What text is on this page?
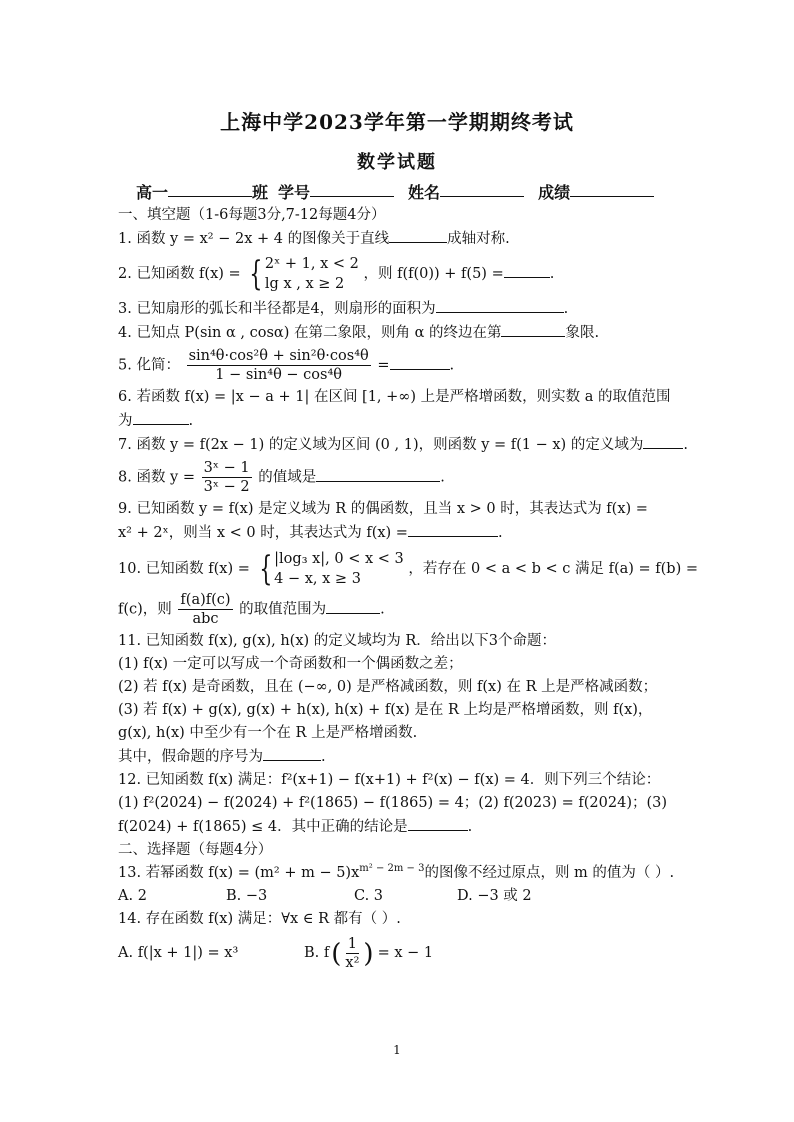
上海中学2023学年第一学期期终考试
数学试题
高一	班 学号	姓名	成绩
一、填空题（1-6每题3分,7-12每题4分）
1. 函数 y = x² − 2x + 4 的图像关于直线	成轴对称.
2. 已知函数 f(x) = { 2ˣ + 1, x < 2
lg x , x ≥ 2
，则 f(f(0)) + f(5) =	.
3. 已知扇形的弧长和半径都是4，则扇形的面积为	.
4. 已知点 P(sin α , cosα) 在第二象限，则角 α 的终边在第	象限.
5. 化简： $\frac{\text{sin⁴θ·cos²θ + sin²θ·cos⁴θ}}{\text{1 − sin⁴θ − cos⁴θ}}$ =	.
6. 若函数 f(x) = |x − a + 1| 在区间 [1, +∞) 上是严格增函数，则实数 a 的取值范围
为	.
7. 函数 y = f(2x − 1) 的定义域为区间 (0 , 1)，则函数 y = f(1 − x) 的定义域为	.
8. 函数 $y = \frac{\text{3ˣ − 1}}{\text{3ˣ − 2}}$ 的值域是	.
9. 已知函数 y = f(x) 是定义域为 R 的偶函数，且当 x > 0 时，其表达式为 f(x) =
x² + 2ˣ，则当 x < 0 时，其表达式为 f(x) =	.
10. 已知函数 f(x) = { |log₃ x|, 0 < x < 3
4 − x, x ≥ 3
，若存在 0 < a < b < c 满足 f(a) = f(b) =
f(c)，则 $\frac{f(a)f(c)}{\text{abc}}$ 的取值范围为	.
11. 已知函数 f(x), g(x), h(x) 的定义域均为 R．给出以下3个命题：
(1) f(x) 一定可以写成一个奇函数和一个偶函数之差；
(2) 若 f(x) 是奇函数，且在 (−∞, 0) 是严格减函数，则 f(x) 在 R 上是严格减函数；
(3) 若 f(x) + g(x), g(x) + h(x), h(x) + f(x) 是在 R 上均是严格增函数，则 f(x)，
g(x), h(x) 中至少有一个在 R 上是严格增函数.
其中，假命题的序号为	.
12. 已知函数 f(x) 满足：f²(x+1) − f(x+1) + f²(x) − f(x) = 4．则下列三个结论：
(1) f²(2024) − f(2024) + f²(1865) − f(1865) = 4；(2) f(2023) = f(2024)；(3)
f(2024) + f(1865) ≤ 4．其中正确的结论是	.
二、选择题（每题4分）
13. 若幂函数 $f(x) = (m^2 + m - 5)x^{m^2 - 2m - 3}$的图像不经过原点，则 m 的值为（ ）.
A. 2	B. −3	C. 3	D. −3 或 2
14. 存在函数 f(x) 满足：∀x ∈ R 都有（ ）.
A. f(|x + 1|) = x³	B. f ( $\frac{1}{\text{x²}}$ ) = x − 1
1
